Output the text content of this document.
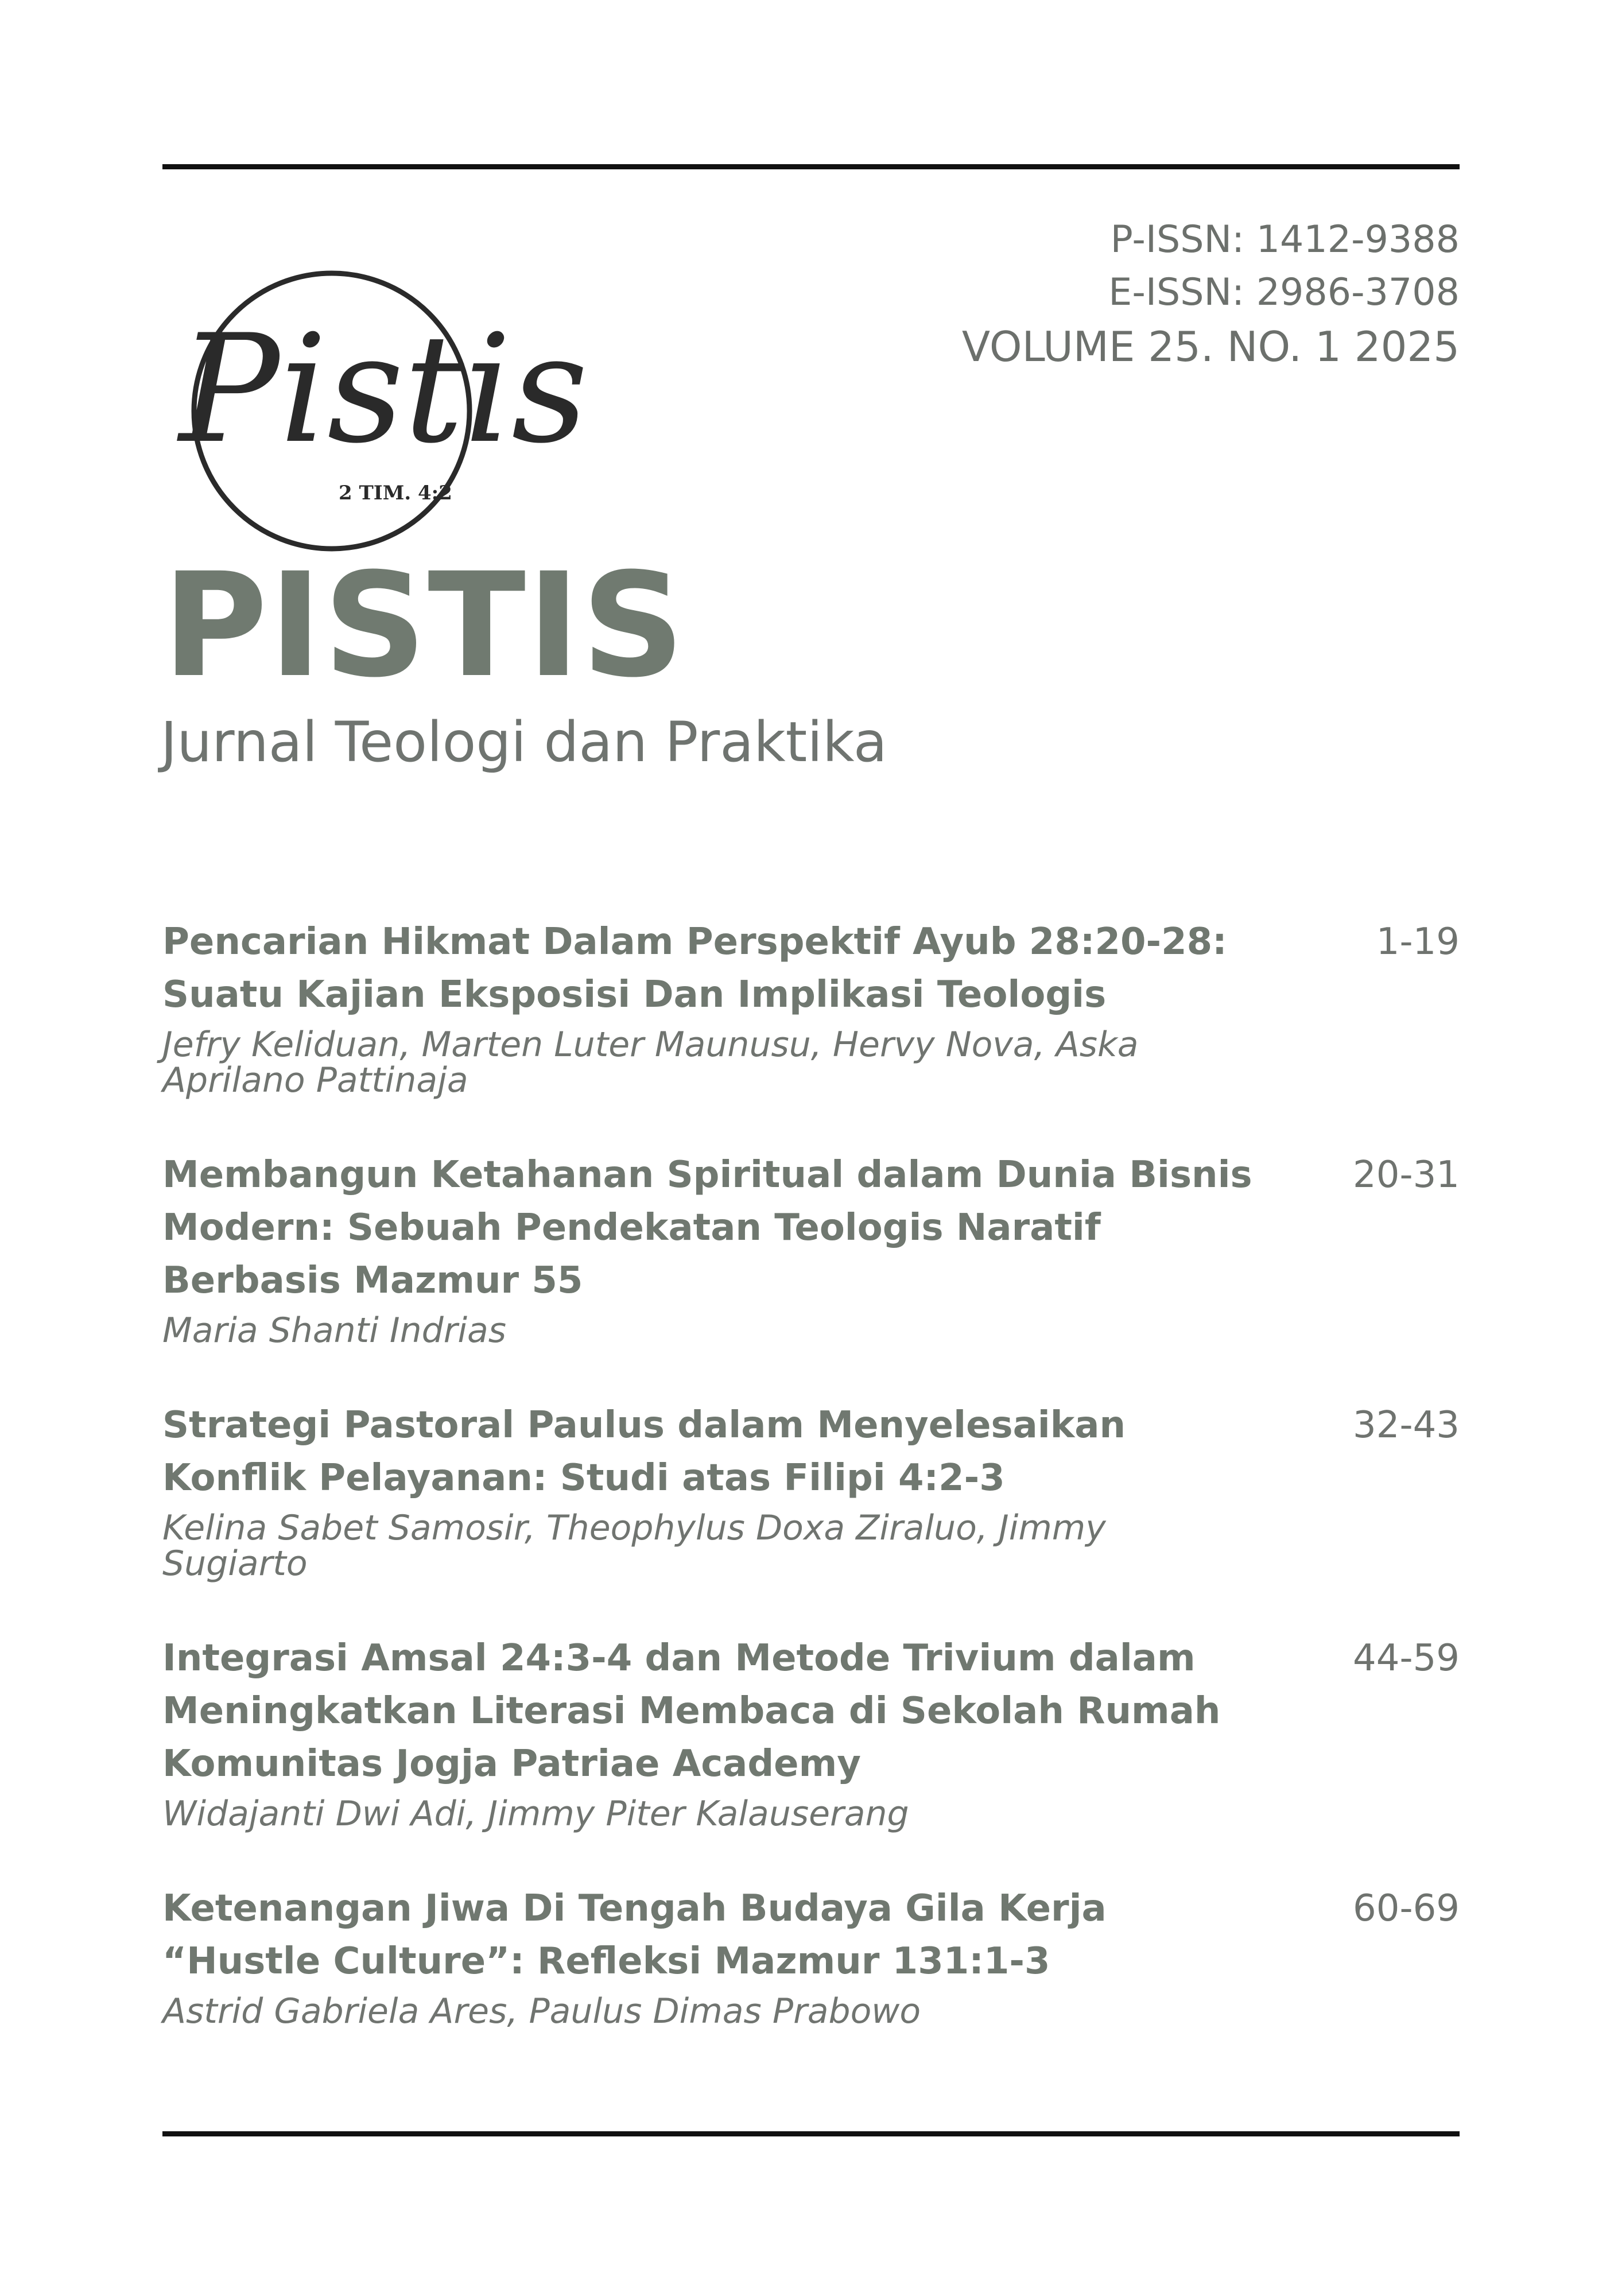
P-ISSN: 1412-9388
E-ISSN: 2986-3708
VOLUME 25. NO. 1 2025
Pistis
2 TIM. 4:2
PISTIS
Jurnal Teologi dan Praktika
Pencarian Hikmat Dalam Perspektif Ayub 28:20-28: Suatu Kajian Eksposisi Dan Implikasi Teologis
1-19
Jefry Keliduan, Marten Luter Maunusu, Hervy Nova, Aska Aprilano Pattinaja
Membangun Ketahanan Spiritual dalam Dunia Bisnis Modern: Sebuah Pendekatan Teologis Naratif Berbasis Mazmur 55
20-31
Maria Shanti Indrias
Strategi Pastoral Paulus dalam Menyelesaikan Konflik Pelayanan: Studi atas Filipi 4:2-3
32-43
Kelina Sabet Samosir, Theophylus Doxa Ziraluo, Jimmy Sugiarto
Integrasi Amsal 24:3-4 dan Metode Trivium dalam Meningkatkan Literasi Membaca di Sekolah Rumah Komunitas Jogja Patriae Academy
44-59
Widajanti Dwi Adi, Jimmy Piter Kalauserang
Ketenangan Jiwa Di Tengah Budaya Gila Kerja “Hustle Culture”: Refleksi Mazmur 131:1-3
60-69
Astrid Gabriela Ares, Paulus Dimas Prabowo
